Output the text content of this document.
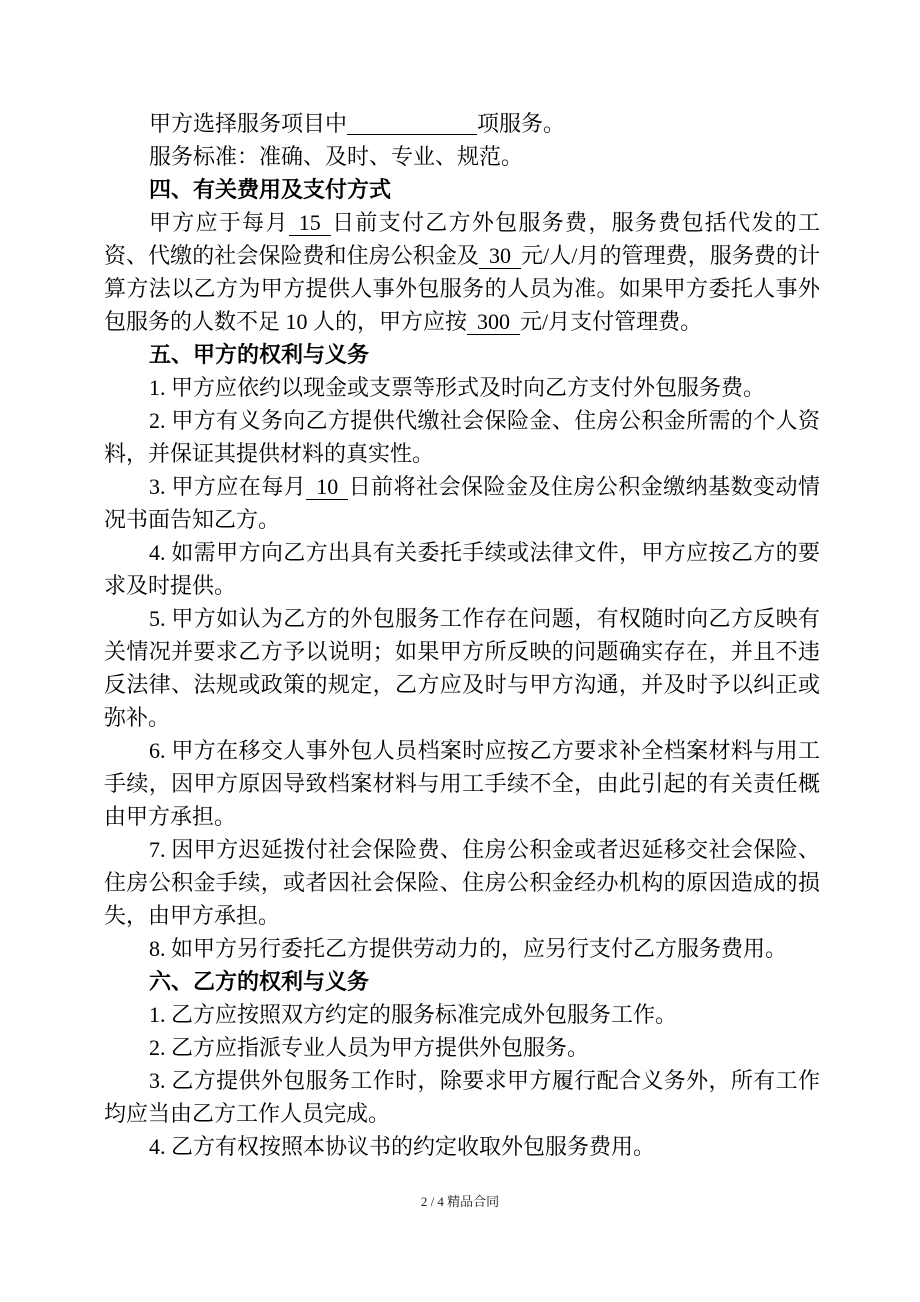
甲方选择服务项目中	项服务。

服务标准：准确、及时、专业、规范。

四、有关费用及支付方式

甲方应于每月 15 日前支付乙方外包服务费，服务费包括代发的工资、代缴的社会保险费和住房公积金及 30 元/人/月的管理费，服务费的计算方法以乙方为甲方提供人事外包服务的人员为准。如果甲方委托人事外包服务的人数不足 10 人的，甲方应按 300 元/月支付管理费。

五、甲方的权利与义务

1. 甲方应依约以现金或支票等形式及时向乙方支付外包服务费。

2. 甲方有义务向乙方提供代缴社会保险金、住房公积金所需的个人资料，并保证其提供材料的真实性。

3. 甲方应在每月 10 日前将社会保险金及住房公积金缴纳基数变动情况书面告知乙方。

4. 如需甲方向乙方出具有关委托手续或法律文件，甲方应按乙方的要求及时提供。

5. 甲方如认为乙方的外包服务工作存在问题，有权随时向乙方反映有关情况并要求乙方予以说明；如果甲方所反映的问题确实存在，并且不违反法律、法规或政策的规定，乙方应及时与甲方沟通，并及时予以纠正或弥补。

6. 甲方在移交人事外包人员档案时应按乙方要求补全档案材料与用工手续，因甲方原因导致档案材料与用工手续不全，由此引起的有关责任概由甲方承担。

7. 因甲方迟延拨付社会保险费、住房公积金或者迟延移交社会保险、住房公积金手续，或者因社会保险、住房公积金经办机构的原因造成的损失，由甲方承担。

8. 如甲方另行委托乙方提供劳动力的，应另行支付乙方服务费用。

六、乙方的权利与义务

1. 乙方应按照双方约定的服务标准完成外包服务工作。

2. 乙方应指派专业人员为甲方提供外包服务。

3. 乙方提供外包服务工作时，除要求甲方履行配合义务外，所有工作均应当由乙方工作人员完成。

4. 乙方有权按照本协议书的约定收取外包服务费用。

2 / 4 精品合同
